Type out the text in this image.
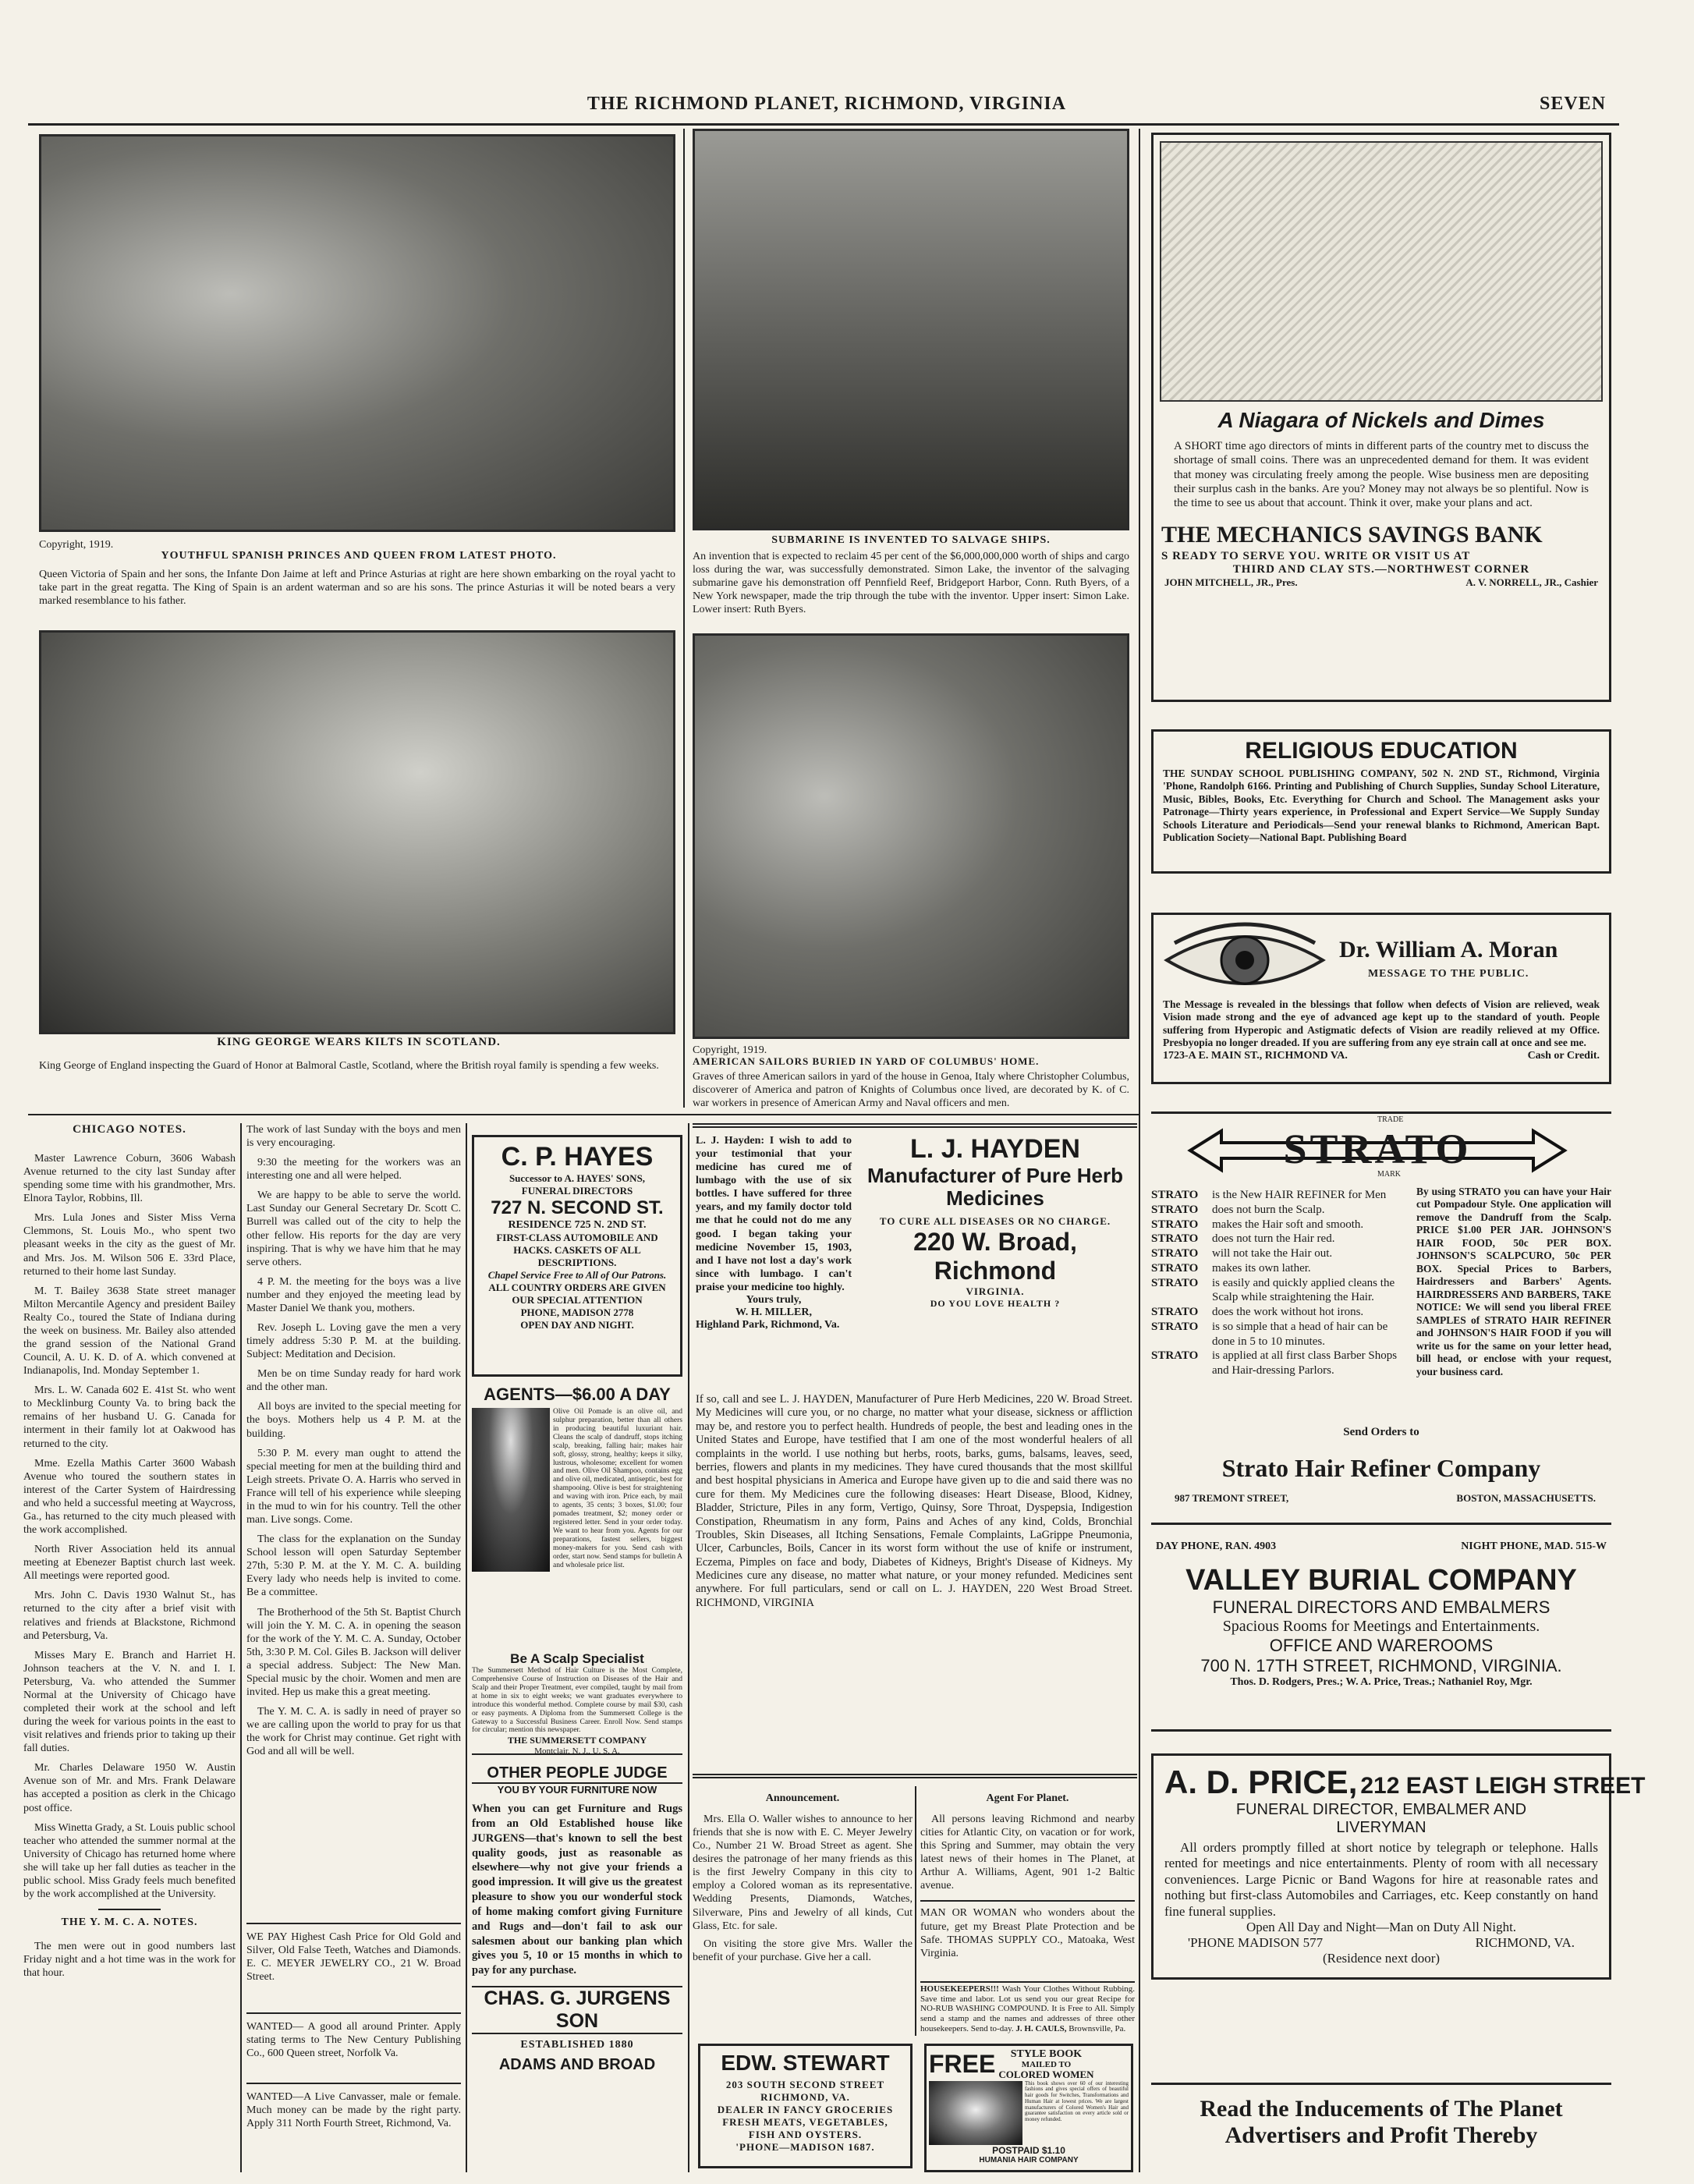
THE RICHMOND PLANET, RICHMOND, VIRGINIA	SEVEN
Copyright, 1919.
YOUTHFUL SPANISH PRINCES AND QUEEN FROM LATEST PHOTO.
Queen Victoria of Spain and her sons, the Infante Don Jaime at left and Prince Asturias at right are here shown embarking on the royal yacht to take part in the great regatta. The King of Spain is an ardent waterman and so are his sons. The prince Asturias it will be noted bears a very marked resemblance to his father.
KING GEORGE WEARS KILTS IN SCOTLAND.
King George of England inspecting the Guard of Honor at Balmoral Castle, Scotland, where the British royal family is spending a few weeks.
SUBMARINE IS INVENTED TO SALVAGE SHIPS.
An invention that is expected to reclaim 45 per cent of the $6,000,000,000 worth of ships and cargo loss during the war, was successfully demonstrated. Simon Lake, the inventor of the salvaging submarine gave his demonstration off Pennfield Reef, Bridgeport Harbor, Conn. Ruth Byers, of a New York newspaper, made the trip through the tube with the inventor. Upper insert: Simon Lake. Lower insert: Ruth Byers.
Copyright, 1919.
AMERICAN SAILORS BURIED IN YARD OF COLUMBUS' HOME.
Graves of three American sailors in yard of the house in Genoa, Italy where Christopher Columbus, discoverer of America and patron of Knights of Columbus once lived, are decorated by K. of C. war workers in presence of American Army and Naval officers and men.
CHICAGO NOTES.

Master Lawrence Coburn, 3606 Wabash Avenue returned to the city last Sunday after spending some time with his grandmother, Mrs. Elnora Taylor, Robbins, Ill.

Mrs. Lula Jones and Sister Miss Verna Clemmons, St. Louis Mo., who spent two pleasant weeks in the city as the guest of Mr. and Mrs. Jos. M. Wilson 506 E. 33rd Place, returned to their home last Sunday.

M. T. Bailey 3638 State street manager Milton Mercantile Agency and president Bailey Realty Co., toured the State of Indiana during the week on business. Mr. Bailey also attended the grand session of the National Grand Council, A. U. K. D. of A. which convened at Indianapolis, Ind. Monday September 1.

Mrs. L. W. Canada 602 E. 41st St. who went to Mecklinburg County Va. to bring back the remains of her husband U. G. Canada for interment in their family lot at Oakwood has returned to the city.

Mme. Ezella Mathis Carter 3600 Wabash Avenue who toured the southern states in interest of the Carter System of Hairdressing and who held a successful meeting at Waycross, Ga., has returned to the city much pleased with the work accomplished.

North River Association held its annual meeting at Ebenezer Baptist church last week. All meetings were reported good.

Mrs. John C. Davis 1930 Walnut St., has returned to the city after a brief visit with relatives and friends at Blackstone, Richmond and Petersburg, Va.

Misses Mary E. Branch and Harriet H. Johnson teachers at the V. N. and I. I. Petersburg, Va. who attended the Summer Normal at the University of Chicago have completed their work at the school and left during the week for various points in the east to visit relatives and friends prior to taking up their fall duties.

Mr. Charles Delaware 1950 W. Austin Avenue son of Mr. and Mrs. Frank Delaware has accepted a position as clerk in the Chicago post office.

Miss Winetta Grady, a St. Louis public school teacher who attended the summer normal at the University of Chicago has returned home where she will take up her fall duties as teacher in the public school. Miss Grady feels much benefited by the work accomplished at the University.

THE Y. M. C. A. NOTES.

The men were out in good numbers last Friday night and a hot time was in the work for that hour.

The work of last Sunday with the boys and men is very encouraging.

9:30 the meeting for the workers was an interesting one and all were helped.

We are happy to be able to serve the world. Last Sunday our General Secretary Dr. Scott C. Burrell was called out of the city to help the other fellow. His reports for the day are very inspiring. That is why we have him that he may serve others.

4 P. M. the meeting for the boys was a live number and they enjoyed the meeting lead by Master Daniel We thank you, mothers.

Rev. Joseph L. Loving gave the men a very timely address 5:30 P. M. at the building. Subject: Meditation and Decision.

Men be on time Sunday ready for hard work and the other man.

All boys are invited to the special meeting for the boys. Mothers help us 4 P. M. at the building.

5:30 P. M. every man ought to attend the special meeting for men at the building third and Leigh streets. Private O. A. Harris who served in France will tell of his experience while sleeping in the mud to win for his country. Tell the other man. Live songs. Come.

The class for the explanation on the Sunday School lesson will open Saturday September 27th, 5:30 P. M. at the Y. M. C. A. building Every lady who needs help is invited to come. Be a committee.

The Brotherhood of the 5th St. Baptist Church will join the Y. M. C. A. in opening the season for the work of the Y. M. C. A. Sunday, October 5th, 3:30 P. M. Col. Giles B. Jackson will deliver a special address. Subject: The New Man. Special music by the choir. Women and men are invited. Hep us make this a great meeting.

The Y. M. C. A. is sadly in need of prayer so we are calling upon the world to pray for us that the work for Christ may continue. Get right with God and all will be well.

WE PAY Highest Cash Price for Old Gold and Silver, Old False Teeth, Watches and Diamonds. E. C. MEYER JEWELRY CO., 21 W. Broad Street.
WANTED— A good all around Printer. Apply stating terms to The New Century Publishing Co., 600 Queen street, Norfolk Va.
WANTED—A Live Canvasser, male or female. Much money can be made by the right party. Apply 311 North Fourth Street, Richmond, Va.
C. P. HAYES
Successor to A. HAYES' SONS,
FUNERAL DIRECTORS
727 N. SECOND ST.
RESIDENCE 725 N. 2ND ST.
FIRST-CLASS AUTOMOBILE AND HACKS. CASKETS OF ALL DESCRIPTIONS.
Chapel Service Free to All of Our Patrons.
ALL COUNTRY ORDERS ARE GIVEN OUR SPECIAL ATTENTION
PHONE, MADISON 2778
OPEN DAY AND NIGHT.
AGENTS—$6.00 A DAY
Olive Oil Pomade is an olive oil, and sulphur preparation, better than all others in producing beautiful luxuriant hair. Cleans the scalp of dandruff, stops itching scalp, breaking, falling hair; makes hair soft, glossy, strong, healthy; keeps it silky, lustrous, wholesome; excellent for women and men. Olive Oil Shampoo, contains egg and olive oil, medicated, antiseptic, best for shampooing. Olive is best for straightening and waving with iron. Price each, by mail to agents, 35 cents; 3 boxes, $1.00; four pomades treatment, $2; money order or registered letter. Send in your order today. We want to hear from you. Agents for our preparations, fastest sellers, biggest money-makers for you. Send cash with order, start now. Send stamps for bulletin A and wholesale price list.
Be A Scalp Specialist
The Summersett Method of Hair Culture is the Most Complete, Comprehensive Course of Instruction on Diseases of the Hair and Scalp and their Proper Treatment, ever compiled, taught by mail from at home in six to eight weeks; we want graduates everywhere to introduce this wonderful method. Complete course by mail $30, cash or easy payments. A Diploma from the Summersett College is the Gateway to a Successful Business Career. Enroll Now. Send stamps for circular; mention this newspaper.
THE SUMMERSETT COMPANY
Montclair, N. J., U. S. A.
OTHER PEOPLE JUDGE
YOU BY YOUR FURNITURE NOW
When you can get Furniture and Rugs from an Old Established house like JURGENS—that's known to sell the best quality goods, just as reasonable as elsewhere—why not give your friends a good impression. It will give us the greatest pleasure to show you our wonderful stock of home making comfort giving Furniture and Rugs and—don't fail to ask our salesmen about our banking plan which gives you 5, 10 or 15 months in which to pay for any purchase.
CHAS. G. JURGENS SON
ESTABLISHED 1880
ADAMS AND BROAD
L. J. Hayden: I wish to add to your testimonial that your medicine has cured me of lumbago with the use of six bottles. I have suffered for three years, and my family doctor told me that he could not do me any good. I began taking your medicine November 15, 1903, and I have not lost a day's work since with lumbago. I can't praise your medicine too highly.
Yours truly,
W. H. MILLER,
Highland Park, Richmond, Va.
L. J. HAYDEN
Manufacturer of Pure Herb Medicines
TO CURE ALL DISEASES OR NO CHARGE.
220 W. Broad, Richmond
VIRGINIA.
DO YOU LOVE HEALTH ?
If so, call and see L. J. HAYDEN, Manufacturer of Pure Herb Medicines, 220 W. Broad Street. My Medicines will cure you, or no charge, no matter what your disease, sickness or affliction may be, and restore you to perfect health. Hundreds of people, the best and leading ones in the United States and Europe, have testified that I am one of the most wonderful healers of all complaints in the world. I use nothing but herbs, roots, barks, gums, balsams, leaves, seed, berries, flowers and plants in my medicines. They have cured thousands that the most skillful and best hospital physicians in America and Europe have given up to die and said there was no cure for them. My Medicines cure the following diseases: Heart Disease, Blood, Kidney, Bladder, Stricture, Piles in any form, Vertigo, Quinsy, Sore Throat, Dyspepsia, Indigestion Constipation, Rheumatism in any form, Pains and Aches of any kind, Colds, Bronchial Troubles, Skin Diseases, all Itching Sensations, Female Complaints, LaGrippe Pneumonia, Ulcer, Carbuncles, Boils, Cancer in its worst form without the use of knife or instrument, Eczema, Pimples on face and body, Diabetes of Kidneys, Bright's Disease of Kidneys. My Medicines cure any disease, no matter what nature, or your money refunded. Medicines sent anywhere. For full particulars, send or call on L. J. HAYDEN, 220 West Broad Street. RICHMOND, VIRGINIA
Announcement.

Mrs. Ella O. Waller wishes to announce to her friends that she is now with E. C. Meyer Jewelry Co., Number 21 W. Broad Street as agent. She desires the patronage of her many friends as this is the first Jewelry Company in this city to employ a Colored woman as its representative. Wedding Presents, Diamonds, Watches, Silverware, Pins and Jewelry of all kinds, Cut Glass, Etc. for sale.

On visiting the store give Mrs. Waller the benefit of your purchase. Give her a call.

Agent For Planet.

All persons leaving Richmond and nearby cities for Atlantic City, on vacation or for work, this Spring and Summer, may obtain the very latest news of their homes in The Planet, at Arthur A. Williams, Agent, 901 1-2 Baltic avenue.

MAN OR WOMAN who wonders about the future, get my Breast Plate Protection and be Safe. THOMAS SUPPLY CO., Matoaka, West Virginia.

EDW. STEWART
203 SOUTH SECOND STREET
RICHMOND, VA.
DEALER IN FANCY GROCERIES
FRESH MEATS, VEGETABLES,
FISH AND OYSTERS.
'PHONE—MADISON 1687.
FREE	STYLE BOOK
MAILED TO
COLORED WOMEN
This book shows over 60 of our interesting fashions and gives special offers of beautiful hair goods for Switches, Transformations and Human Hair at lowest prices. We are largest manufacturers of Colored Women's Hair and guarantee satisfaction on every article sold or money refunded.
POSTPAID $1.10
HUMANIA HAIR COMPANY
A Niagara of Nickels and Dimes
A SHORT time ago directors of mints in different parts of the country met to discuss the shortage of small coins. There was an unprecedented demand for them. It was evident that money was circulating freely among the people. Wise business men are depositing their surplus cash in the banks. Are you? Money may not always be so plentiful. Now is the time to see us about that account. Think it over, make your plans and act.
THE MECHANICS SAVINGS BANK
S READY TO SERVE YOU. WRITE OR VISIT US AT
THIRD AND CLAY STS.—NORTHWEST CORNER
JOHN MITCHELL, JR., Pres.	A. V. NORRELL, JR., Cashier
RELIGIOUS EDUCATION
THE SUNDAY SCHOOL PUBLISHING COMPANY, 502 N. 2ND ST., Richmond, Virginia 'Phone, Randolph 6166. Printing and Publishing of Church Supplies, Sunday School Literature, Music, Bibles, Books, Etc. Everything for Church and School. The Management asks your Patronage—Thirty years experience, in Professional and Expert Service—We Supply Sunday Schools Literature and Periodicals—Send your renewal blanks to Richmond, American Bapt. Publication Society—National Bapt. Publishing Board
Dr. William A. Moran
MESSAGE TO THE PUBLIC.
The Message is revealed in the blessings that follow when defects of Vision are relieved, weak Vision made strong and the eye of advanced age kept up to the standard of youth. People suffering from Hyperopic and Astigmatic defects of Vision are readily relieved at my Office. Presbyopia no longer dreaded. If you are suffering from any eye strain call at once and see me.
1723-A E. MAIN ST., RICHMOND VA.	Cash or Credit.
TRADE
STRATO
MARK
STRATO	is the New HAIR REFINER for Men
STRATO	does not burn the Scalp.
STRATO	makes the Hair soft and smooth.
STRATO	does not turn the Hair red.
STRATO	will not take the Hair out.
STRATO	makes its own lather.
STRATO	is easily and quickly applied cleans the Scalp while straightening the Hair.
STRATO	does the work without hot irons.
STRATO	is so simple that a head of hair can be done in 5 to 10 minutes.
STRATO	is applied at all first class Barber Shops and Hair-dressing Parlors.
By using STRATO you can have your Hair cut Pompadour Style. One application will remove the Dandruff from the Scalp. PRICE $1.00 PER JAR. JOHNSON'S HAIR FOOD, 50c PER BOX. JOHNSON'S SCALPCURO, 50c PER BOX. Special Prices to Barbers, Hairdressers and Barbers' Agents. HAIRDRESSERS AND BARBERS, TAKE NOTICE: We will send you liberal FREE SAMPLES of STRATO HAIR REFINER and JOHNSON'S HAIR FOOD if you will write us for the same on your letter head, bill head, or enclose with your request, your business card.
Send Orders to
Strato Hair Refiner Company
987 TREMONT STREET,	BOSTON, MASSACHUSETTS.
DAY PHONE, RAN. 4903	NIGHT PHONE, MAD. 515-W
VALLEY BURIAL COMPANY
FUNERAL DIRECTORS AND EMBALMERS
Spacious Rooms for Meetings and Entertainments.
OFFICE AND WAREROOMS
700 N. 17TH STREET, RICHMOND, VIRGINIA.
Thos. D. Rodgers, Pres.; W. A. Price, Treas.; Nathaniel Roy, Mgr.
A. D. PRICE, 212 EAST LEIGH STREET
FUNERAL DIRECTOR, EMBALMER AND
LIVERYMAN
All orders promptly filled at short notice by telegraph or telephone. Halls rented for meetings and nice entertainments. Plenty of room with all necessary conveniences. Large Picnic or Band Wagons for hire at reasonable rates and nothing but first-class Automobiles and Carriages, etc. Keep constantly on hand fine funeral supplies.
Open All Day and Night—Man on Duty All Night.
'PHONE MADISON 577	RICHMOND, VA.
(Residence next door)
Read the Inducements of The Planet
Advertisers and Profit Thereby
HOUSEKEEPERS!!! Wash Your Clothes Without Rubbing. Save time and labor. Lot us send you our great Recipe for NO-RUB WASHING COMPOUND. It is Free to All. Simply send a stamp and the names and addresses of three other housekeepers. Send to-day. J. H. CAULS, Brownsville, Pa.
